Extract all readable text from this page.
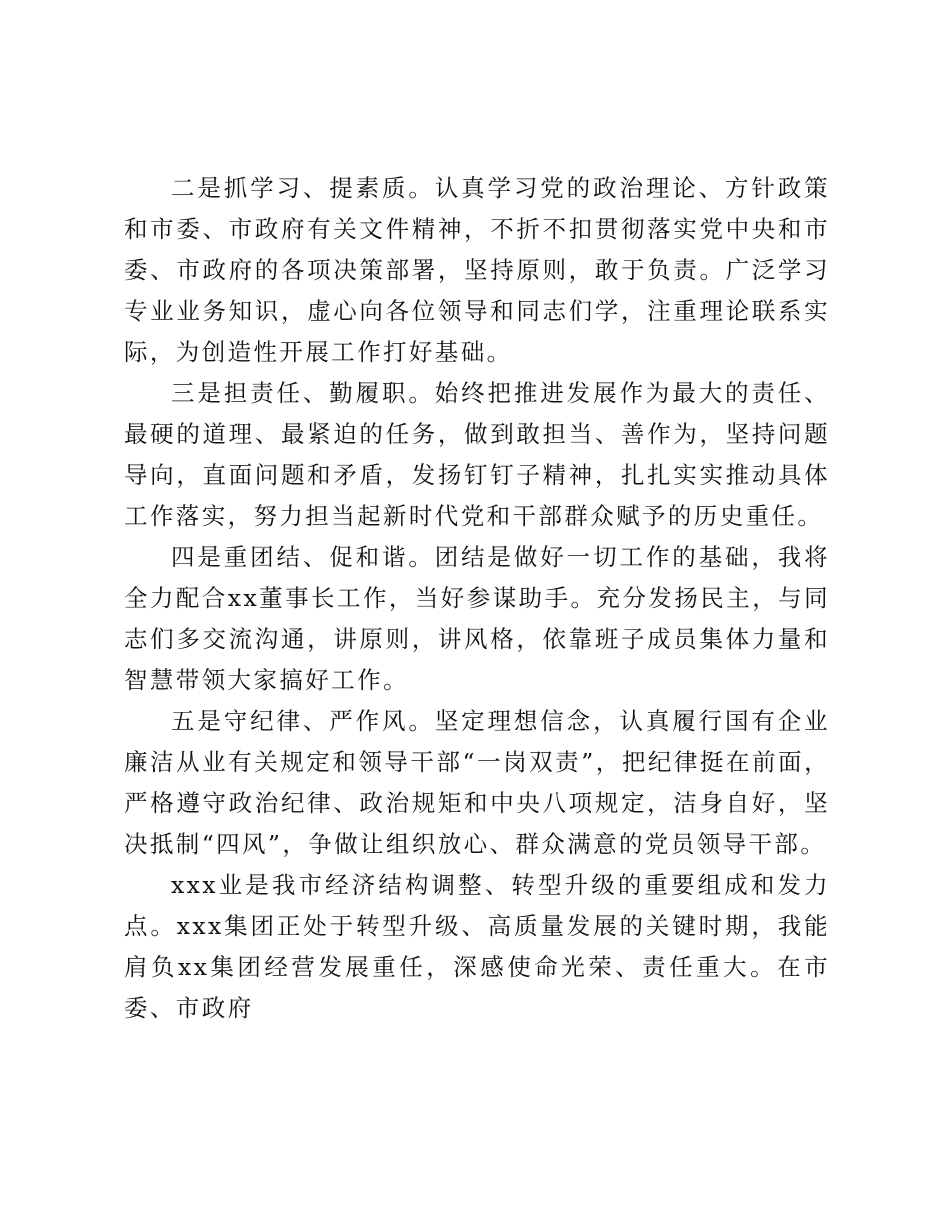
二是抓学习、提素质。认真学习党的政治理论、方针政策和市委、市政府有关文件精神，不折不扣贯彻落实党中央和市委、市政府的各项决策部署，坚持原则，敢于负责。广泛学习专业业务知识，虚心向各位领导和同志们学，注重理论联系实际，为创造性开展工作打好基础。

三是担责任、勤履职。始终把推进发展作为最大的责任、最硬的道理、最紧迫的任务，做到敢担当、善作为，坚持问题导向，直面问题和矛盾，发扬钉钉子精神，扎扎实实推动具体工作落实，努力担当起新时代党和干部群众赋予的历史重任。

四是重团结、促和谐。团结是做好一切工作的基础，我将全力配合xx董事长工作，当好参谋助手。充分发扬民主，与同志们多交流沟通，讲原则，讲风格，依靠班子成员集体力量和智慧带领大家搞好工作。

五是守纪律、严作风。坚定理想信念，认真履行国有企业廉洁从业有关规定和领导干部“一岗双责”，把纪律挺在前面，严格遵守政治纪律、政治规矩和中央八项规定，洁身自好，坚决抵制“四风”，争做让组织放心、群众满意的党员领导干部。

xxx业是我市经济结构调整、转型升级的重要组成和发力点。xxx集团正处于转型升级、高质量发展的关键时期，我能肩负xx集团经营发展重任，深感使命光荣、责任重大。在市委、市政府
